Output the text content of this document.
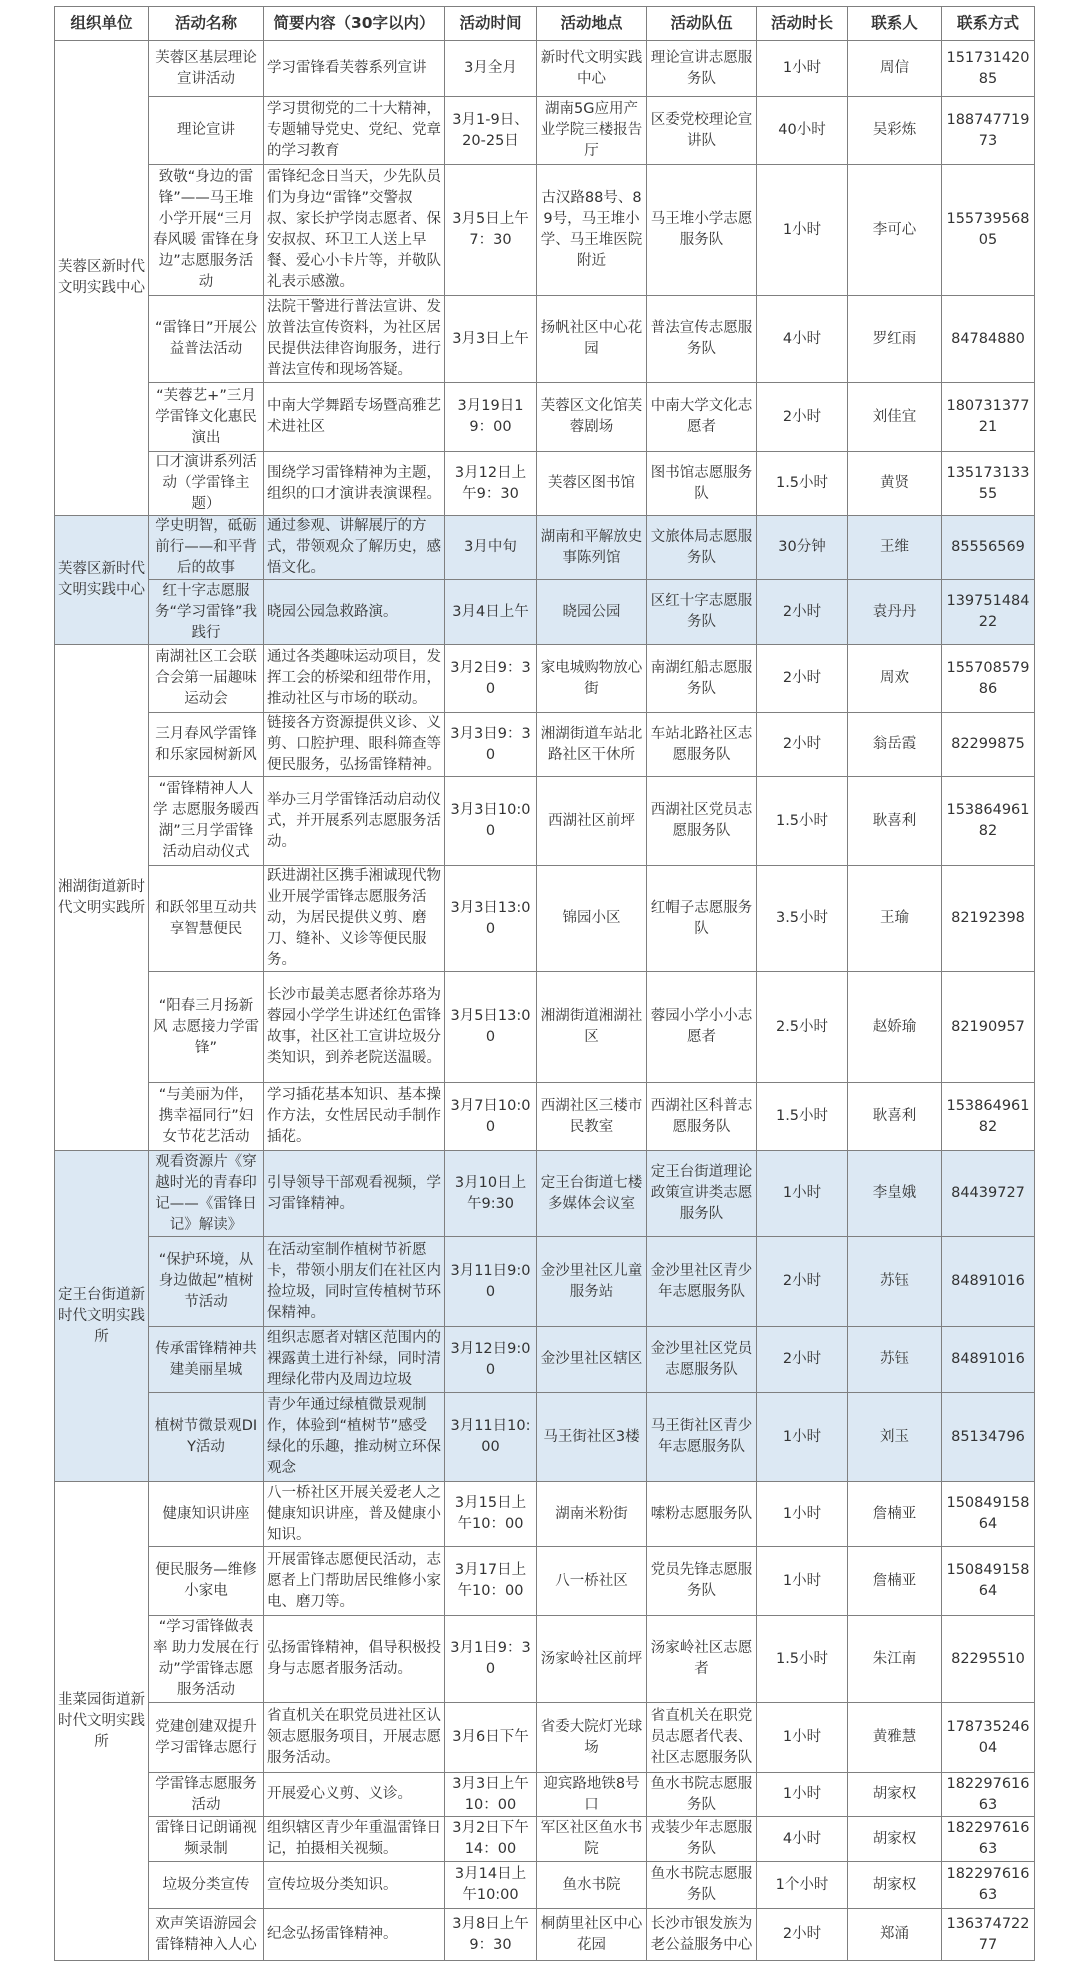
组织单位	活动名称	简要内容（30字以内）	活动时间	活动地点	活动队伍	活动时长	联系人	联系方式
芙蓉区新时代文明实践中心	芙蓉区基层理论宣讲活动	学习雷锋看芙蓉系列宣讲	3月全月	新时代文明实践中心	理论宣讲志愿服务队	1小时	周信	15173142085
	理论宣讲	学习贯彻党的二十大精神，专题辅导党史、党纪、党章的学习教育	3月1-9日、20-25日	湖南5G应用产业学院三楼报告厅	区委党校理论宣讲队	40小时	吴彩炼	18874771973
	致敬“身边的雷锋”——马王堆小学开展“三月春风暖 雷锋在身边”志愿服务活动	雷锋纪念日当天，少先队员们为身边“雷锋”交警叔叔、家长护学岗志愿者、保安叔叔、环卫工人送上早餐、爱心小卡片等，并敬队礼表示感激。	3月5日上午7：30	古汉路88号、89号，马王堆小学、马王堆医院附近	马王堆小学志愿服务队	1小时	李可心	15573956805
	“雷锋日”开展公益普法活动	法院干警进行普法宣讲、发放普法宣传资料，为社区居民提供法律咨询服务，进行普法宣传和现场答疑。	3月3日上午	扬帆社区中心花园	普法宣传志愿服务队	4小时	罗红雨	84784880
	“芙蓉艺+”三月学雷锋文化惠民演出	中南大学舞蹈专场暨高雅艺术进社区	3月19日19：00	芙蓉区文化馆芙蓉剧场	中南大学文化志愿者	2小时	刘佳宜	18073137721
	口才演讲系列活动（学雷锋主题）	围绕学习雷锋精神为主题，组织的口才演讲表演课程。	3月12日上午9：30	芙蓉区图书馆	图书馆志愿服务队	1.5小时	黄贤	13517313355
芙蓉区新时代文明实践中心	学史明智，砥砺前行——和平背后的故事	通过参观、讲解展厅的方式，带领观众了解历史，感悟文化。	3月中旬	湖南和平解放史事陈列馆	文旅体局志愿服务队	30分钟	王维	85556569
	红十字志愿服务“学习雷锋”我践行	晓园公园急救路演。	3月4日上午	晓园公园	区红十字志愿服务队	2小时	袁丹丹	13975148422
湘湖街道新时代文明实践所	南湖社区工会联合会第一届趣味运动会	通过各类趣味运动项目，发挥工会的桥梁和纽带作用，推动社区与市场的联动。	3月2日9：30	家电城购物放心街	南湖红船志愿服务队	2小时	周欢	15570857986
	三月春风学雷锋和乐家园树新风	链接各方资源提供义诊、义剪、口腔护理、眼科筛查等便民服务，弘扬雷锋精神。	3月3日9：30	湘湖街道车站北路社区干休所	车站北路社区志愿服务队	2小时	翁岳霞	82299875
	“雷锋精神人人学 志愿服务暖西湖”三月学雷锋活动启动仪式	举办三月学雷锋活动启动仪式，并开展系列志愿服务活动。	3月3日10:00	西湖社区前坪	西湖社区党员志愿服务队	1.5小时	耿喜利	15386496182
	和跃邻里互动共享智慧便民	跃进湖社区携手湘诚现代物业开展学雷锋志愿服务活动，为居民提供义剪、磨刀、缝补、义诊等便民服务。	3月3日13:00	锦园小区	红帽子志愿服务队	3.5小时	王瑜	82192398
	“阳春三月扬新风 志愿接力学雷锋”	长沙市最美志愿者徐苏珞为蓉园小学学生讲述红色雷锋故事，社区社工宣讲垃圾分类知识，到养老院送温暖。	3月5日13:00	湘湖街道湘湖社区	蓉园小学小小志愿者	2.5小时	赵娇瑜	82190957
	“与美丽为伴，携幸福同行”妇女节花艺活动	学习插花基本知识、基本操作方法，女性居民动手制作插花。	3月7日10:00	西湖社区三楼市民教室	西湖社区科普志愿服务队	1.5小时	耿喜利	15386496182
定王台街道新时代文明实践所	观看资源片《穿越时光的青春印记——《雷锋日记》解读》	引导领导干部观看视频，学习雷锋精神。	3月10日上午9:30	定王台街道七楼多媒体会议室	定王台街道理论政策宣讲类志愿服务队	1小时	李皇娥	84439727
	“保护环境，从身边做起”植树节活动	在活动室制作植树节祈愿卡，带领小朋友们在社区内捡垃圾，同时宣传植树节环保精神。	3月11日9:00	金沙里社区儿童服务站	金沙里社区青少年志愿服务队	2小时	苏钰	84891016
	传承雷锋精神共建美丽星城	组织志愿者对辖区范围内的裸露黄土进行补绿，同时清理绿化带内及周边垃圾	3月12日9:00	金沙里社区辖区	金沙里社区党员志愿服务队	2小时	苏钰	84891016
	植树节微景观DIY活动	青少年通过绿植微景观制作，体验到“植树节”感受绿化的乐趣，推动树立环保观念	3月11日10:00	马王街社区3楼	马王街社区青少年志愿服务队	1小时	刘玉	85134796
韭菜园街道新时代文明实践所	健康知识讲座	八一桥社区开展关爱老人之健康知识讲座，普及健康小知识。	3月15日上午10：00	湖南米粉街	嗦粉志愿服务队	1小时	詹楠亚	15084915864
	便民服务—维修小家电	开展雷锋志愿便民活动，志愿者上门帮助居民维修小家电、磨刀等。	3月17日上午10：00	八一桥社区	党员先锋志愿服务队	1小时	詹楠亚	15084915864
	“学习雷锋做表率 助力发展在行动”学雷锋志愿服务活动	弘扬雷锋精神，倡导积极投身与志愿者服务活动。	3月1日9：30	汤家岭社区前坪	汤家岭社区志愿者	1.5小时	朱江南	82295510
	党建创建双提升学习雷锋志愿行	省直机关在职党员进社区认领志愿服务项目，开展志愿服务活动。	3月6日下午	省委大院灯光球场	省直机关在职党员志愿者代表、社区志愿服务队	1小时	黄雅慧	17873524604
	学雷锋志愿服务活动	开展爱心义剪、义诊。	3月3日上午10：00	迎宾路地铁8号口	鱼水书院志愿服务队	1小时	胡家权	18229761663
	雷锋日记朗诵视频录制	组织辖区青少年重温雷锋日记，拍摄相关视频。	3月2日下午14：00	军区社区鱼水书院	戎装少年志愿服务队	4小时	胡家权	18229761663
	垃圾分类宣传	宣传垃圾分类知识。	3月14日上午10:00	鱼水书院	鱼水书院志愿服务队	1个小时	胡家权	18229761663
	欢声笑语游园会雷锋精神入人心	纪念弘扬雷锋精神。	3月8日上午9：30	桐荫里社区中心花园	长沙市银发族为老公益服务中心	2小时	郑涌	13637472277
